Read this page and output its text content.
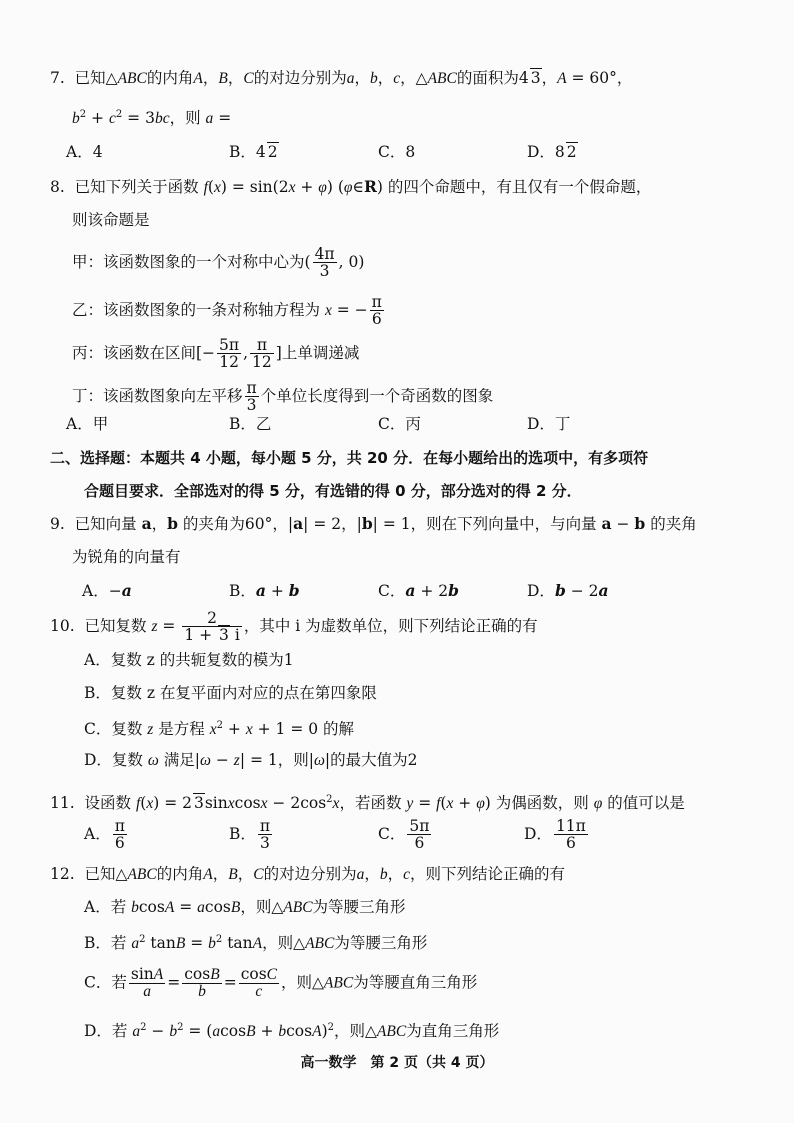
7.  已知△ABC的内角A，B，C的对边分别为a，b，c，△ABC的面积为4 3，A = 60°，
$b^2 + c^2 = 3bc$，则 a =
A．4	B．4 2	C．8	D．8 2
8.  已知下列关于函数 f(x) = sin(2x + φ) (φ∈R) 的四个命题中，有且仅有一个假命题，
则该命题是
甲：该函数图象的一个对称中心为( $\frac{4\pi}{3}$ , 0)
乙：该函数图象的一条对称轴方程为 x = − $\frac{\pi}{6}$
丙：该函数在区间[− $\frac{5\pi}{12}$ , $\frac{\pi}{12}$ ]上单调递减
丁：该函数图象向左平移 $\frac{\pi}{3}$ 个单位长度得到一个奇函数的图象
A．甲	B．乙	C．丙	D．丁
二、选择题：本题共 4 小题，每小题 5 分，共 20 分．在每小题给出的选项中，有多项符
合题目要求．全部选对的得 5 分，有选错的得 0 分，部分选对的得 2 分．
9.  已知向量 a，b 的夹角为60°，|a| = 2，|b| = 1，则在下列向量中，与向量 a − b 的夹角
为锐角的向量有
A．−a	B．a + b	C．a + 2b	D．b − 2a
10.  已知复数 $z = \frac{2}{1 + 3 i}$ ，其中 i 为虚数单位，则下列结论正确的有
A．复数 z 的共轭复数的模为1
B．复数 z 在复平面内对应的点在第四象限
C．复数 z 是方程 $x^2 + x + 1 = 0$ 的解
D．复数 ω 满足|ω − z| = 1，则|ω|的最大值为2
11.  设函数 f(x) = 2 3sinxcosx − $2\cos^2x$，若函数 y = f(x + φ) 为偶函数，则 φ 的值可以是
A． $\frac{\pi}{6}$	B． $\frac{\pi}{3}$	C． $\frac{5\pi}{6}$	D． $\frac{11\pi}{6}$
12.  已知△ABC的内角A，B，C的对边分别为a，b，c，则下列结论正确的有
A．若 bcosA = acosB，则△ABC为等腰三角形
B．若 $a^2$ $\tan B = b^2$ tanA，则△ABC为等腰三角形
C．若 $\frac{\sin A}{a} = \frac{\cos B}{b} = \frac{\cos C}{c}$ ，则△ABC为等腰直角三角形
D．若 $a^2 - b^2 = (acosB + bcosA)^2$，则△ABC为直角三角形
高一数学　第 2 页（共 4 页）
